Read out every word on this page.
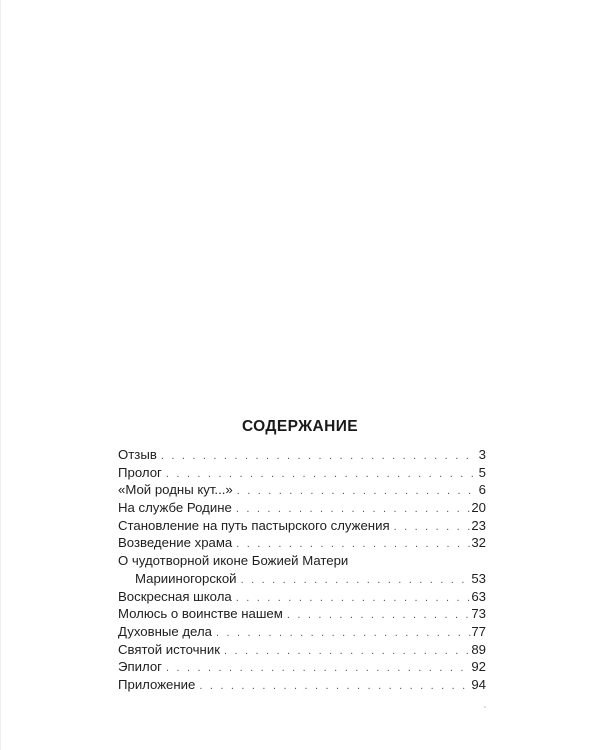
СОДЕРЖАНИЕ
Отзыв . . .	3
Пролог . . .	5
«Мой родны кут...» . . .	6
На службе Родине . . .	20
Становление на путь пастырского служения . . .	23
Возведение храма . . .	32
О чудотворной иконе Божией Матери
Марииногорской . . .	53
Воскресная школа . . .	63
Молюсь о воинстве нашем . . .	73
Духовные дела . . .	77
Святой источник . . .	89
Эпилог . . .	92
Приложение . . .	94
